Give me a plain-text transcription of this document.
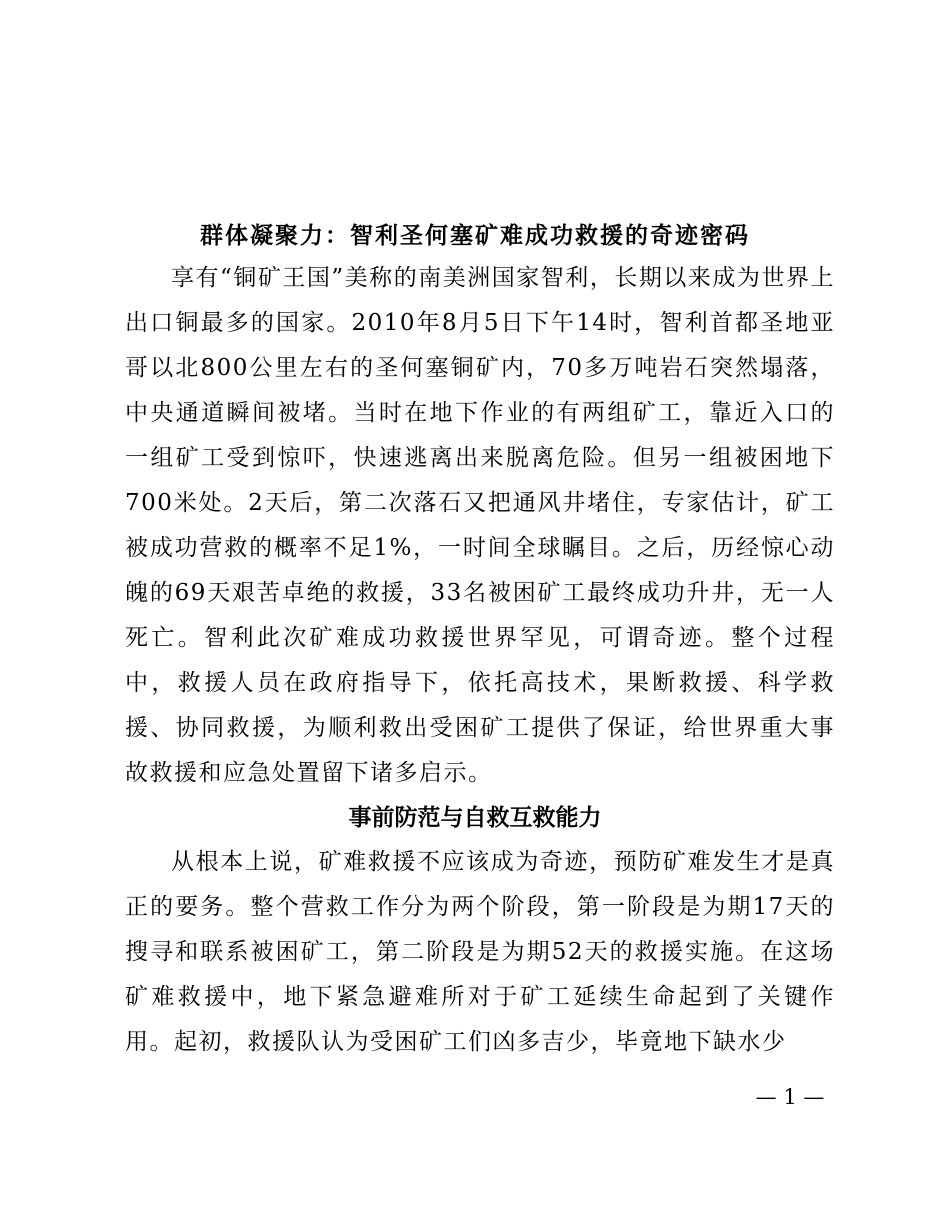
群体凝聚力：智利圣何塞矿难成功救援的奇迹密码

享有“铜矿王国”美称的南美洲国家智利，长期以来成为世界上出口铜最多的国家。2010年8月5日下午14时，智利首都圣地亚哥以北800公里左右的圣何塞铜矿内，70多万吨岩石突然塌落，中央通道瞬间被堵。当时在地下作业的有两组矿工，靠近入口的一组矿工受到惊吓，快速逃离出来脱离危险。但另一组被困地下700米处。2天后，第二次落石又把通风井堵住，专家估计，矿工被成功营救的概率不足1%，一时间全球瞩目。之后，历经惊心动魄的69天艰苦卓绝的救援，33名被困矿工最终成功升井，无一人死亡。智利此次矿难成功救援世界罕见，可谓奇迹。整个过程中，救援人员在政府指导下，依托高技术，果断救援、科学救援、协同救援，为顺利救出受困矿工提供了保证，给世界重大事故救援和应急处置留下诸多启示。

事前防范与自救互救能力

从根本上说，矿难救援不应该成为奇迹，预防矿难发生才是真正的要务。整个营救工作分为两个阶段，第一阶段是为期17天的搜寻和联系被困矿工，第二阶段是为期52天的救援实施。在这场矿难救援中，地下紧急避难所对于矿工延续生命起到了关键作用。起初，救援队认为受困矿工们凶多吉少，毕竟地下缺水少

— 1 —
